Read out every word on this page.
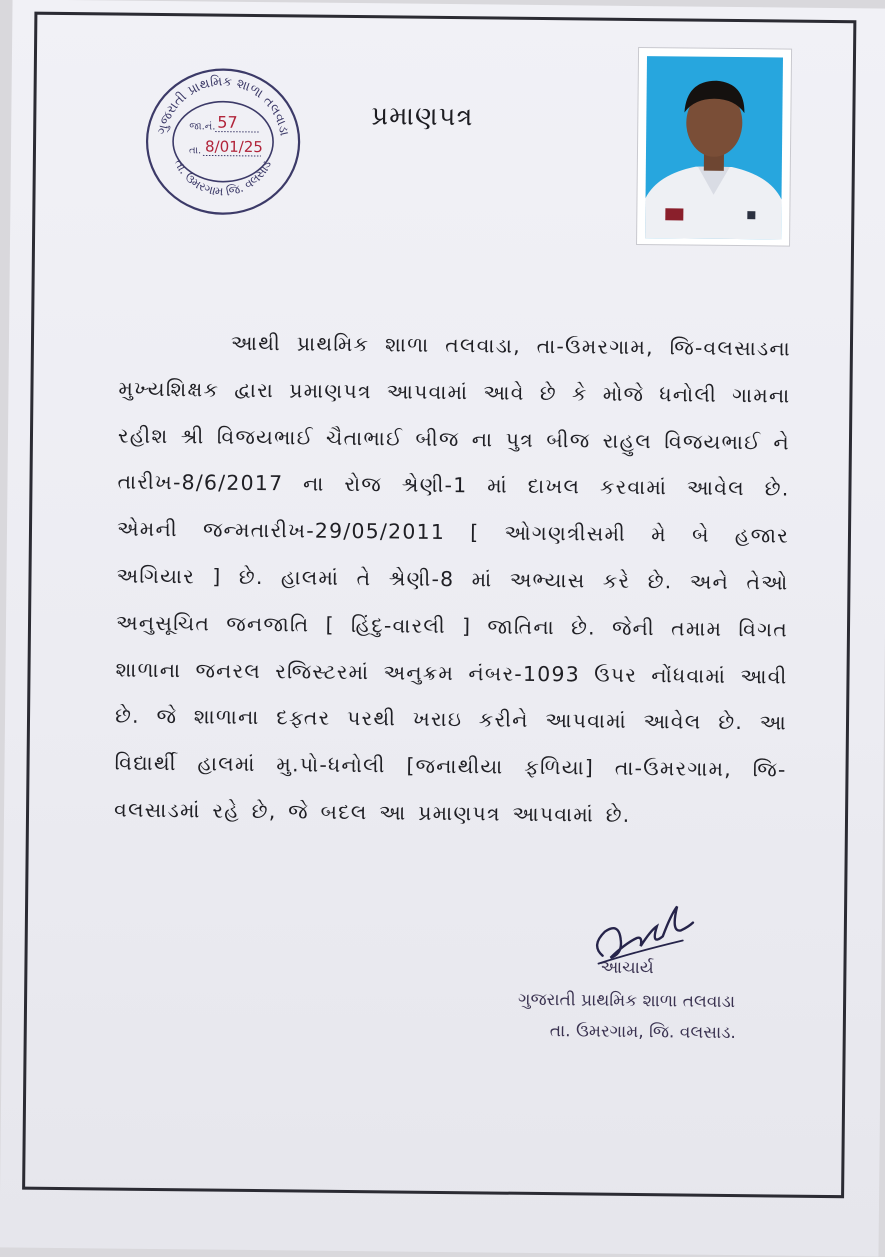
ગુજરાતી પ્રાથમિક શાળા તલવાડા
તા. ઉમરગામ જિ. વલસાડ
જા.નં. 57
તા. 8/01/25
પ્રમાણપત્ર
આથી પ્રાથમિક શાળા તલવાડા, તા-ઉમરગામ, જિ-વલસાડના મુખ્યશિક્ષક દ્વારા પ્રમાણપત્ર આપવામાં આવે છે કે મોજે ધનોલી ગામના રહીશ શ્રી વિજયભાઈ ચૈતાભાઈ બીજ ના પુત્ર બીજ રાહુલ વિજયભાઈ ને તારીખ-8/6/2017 ના રોજ શ્રેણી-1 માં દાખલ કરવામાં આવેલ છે. એમની જન્મતારીખ-29/05/2011 [ ઓગણત્રીસમી મે બે હજાર અગિયાર ] છે. હાલમાં તે શ્રેણી-8 માં અભ્યાસ કરે છે. અને તેઓ અનુસૂચિત જનજાતિ [ હિંદુ-વારલી ] જાતિના છે. જેની તમામ વિગત શાળાના જનરલ રજિસ્ટરમાં અનુક્રમ નંબર-1093 ઉપર નોંધવામાં આવી છે. જે શાળાના દફ્તર પરથી ખરાઇ કરીને આપવામાં આવેલ છે. આ વિદ્યાર્થી હાલમાં મુ.પો-ધનોલી [જનાથીયા ફળિયા] તા-ઉમરગામ, જિ-વલસાડમાં રહે છે, જે બદલ આ પ્રમાણપત્ર આપવામાં છે.
આચાર્ય
ગુજરાતી પ્રાથમિક શાળા તલવાડા
તા. ઉમરગામ, જિ. વલસાડ.
